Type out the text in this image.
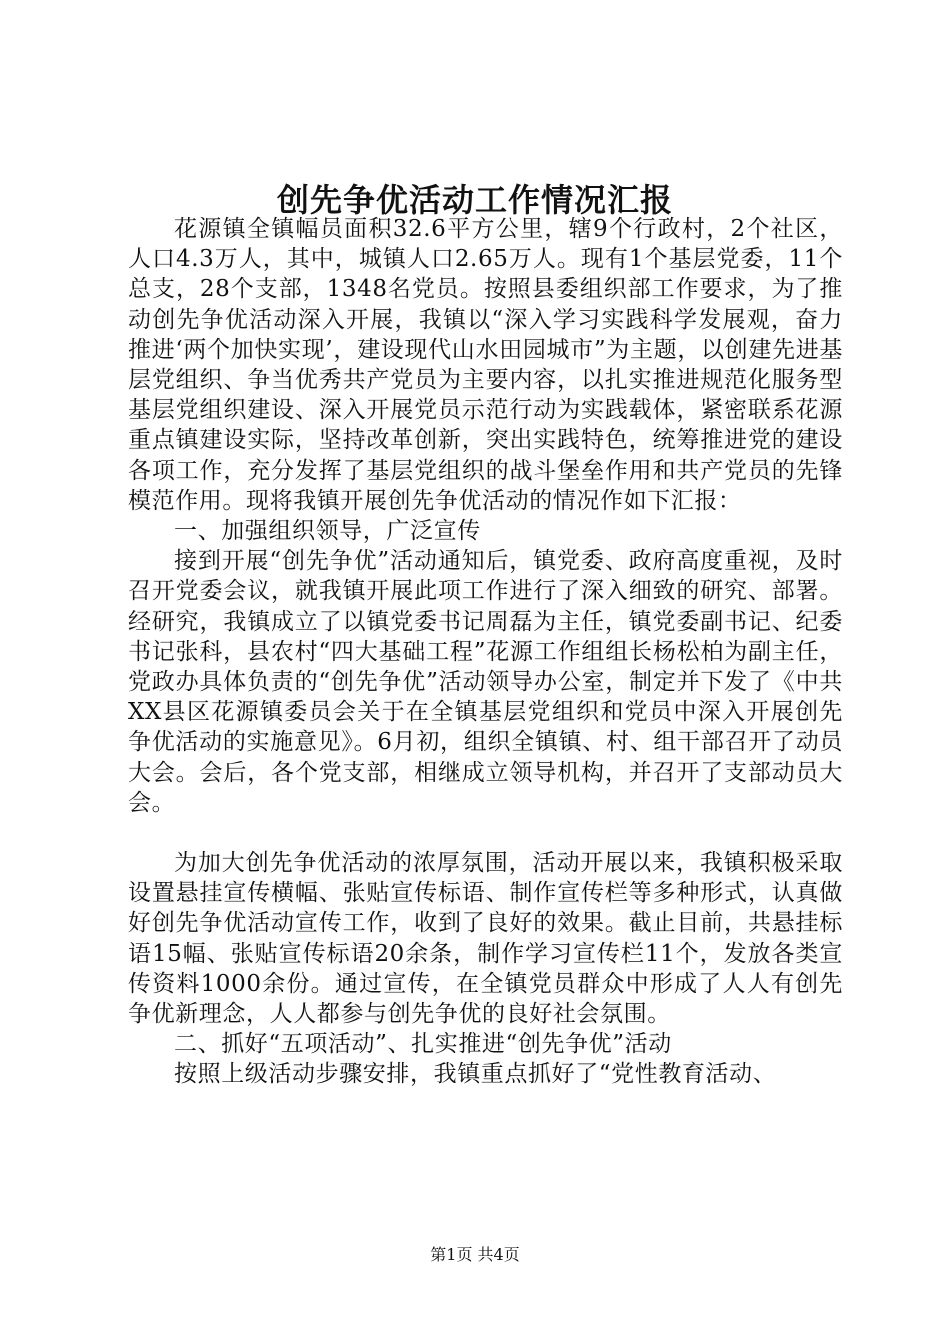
创先争优活动工作情况汇报

花源镇全镇幅员面积32.6平方公里，辖9个行政村，2个社区，人口4.3万人，其中，城镇人口2.65万人。现有1个基层党委，11个总支，28个支部，1348名党员。按照县委组织部工作要求，为了推动创先争优活动深入开展，我镇以“深入学习实践科学发展观，奋力推进‘两个加快实现’，建设现代山水田园城市”为主题，以创建先进基层党组织、争当优秀共产党员为主要内容，以扎实推进规范化服务型基层党组织建设、深入开展党员示范行动为实践载体，紧密联系花源重点镇建设实际，坚持改革创新，突出实践特色，统筹推进党的建设各项工作，充分发挥了基层党组织的战斗堡垒作用和共产党员的先锋模范作用。现将我镇开展创先争优活动的情况作如下汇报：

一、加强组织领导，广泛宣传

接到开展“创先争优”活动通知后，镇党委、政府高度重视，及时召开党委会议，就我镇开展此项工作进行了深入细致的研究、部署。经研究，我镇成立了以镇党委书记周磊为主任，镇党委副书记、纪委书记张科，县农村“四大基础工程”花源工作组组长杨松柏为副主任，党政办具体负责的“创先争优”活动领导办公室，制定并下发了《中共XX县区花源镇委员会关于在全镇基层党组织和党员中深入开展创先争优活动的实施意见》。6月初，组织全镇镇、村、组干部召开了动员大会。会后，各个党支部，相继成立领导机构，并召开了支部动员大会。

为加大创先争优活动的浓厚氛围，活动开展以来，我镇积极采取设置悬挂宣传横幅、张贴宣传标语、制作宣传栏等多种形式，认真做好创先争优活动宣传工作，收到了良好的效果。截止目前，共悬挂标语15幅、张贴宣传标语20余条，制作学习宣传栏11个，发放各类宣传资料1000余份。通过宣传，在全镇党员群众中形成了人人有创先争优新理念，人人都参与创先争优的良好社会氛围。

二、抓好“五项活动”、扎实推进“创先争优”活动

按照上级活动步骤安排，我镇重点抓好了“党性教育活动、

第1页 共4页
